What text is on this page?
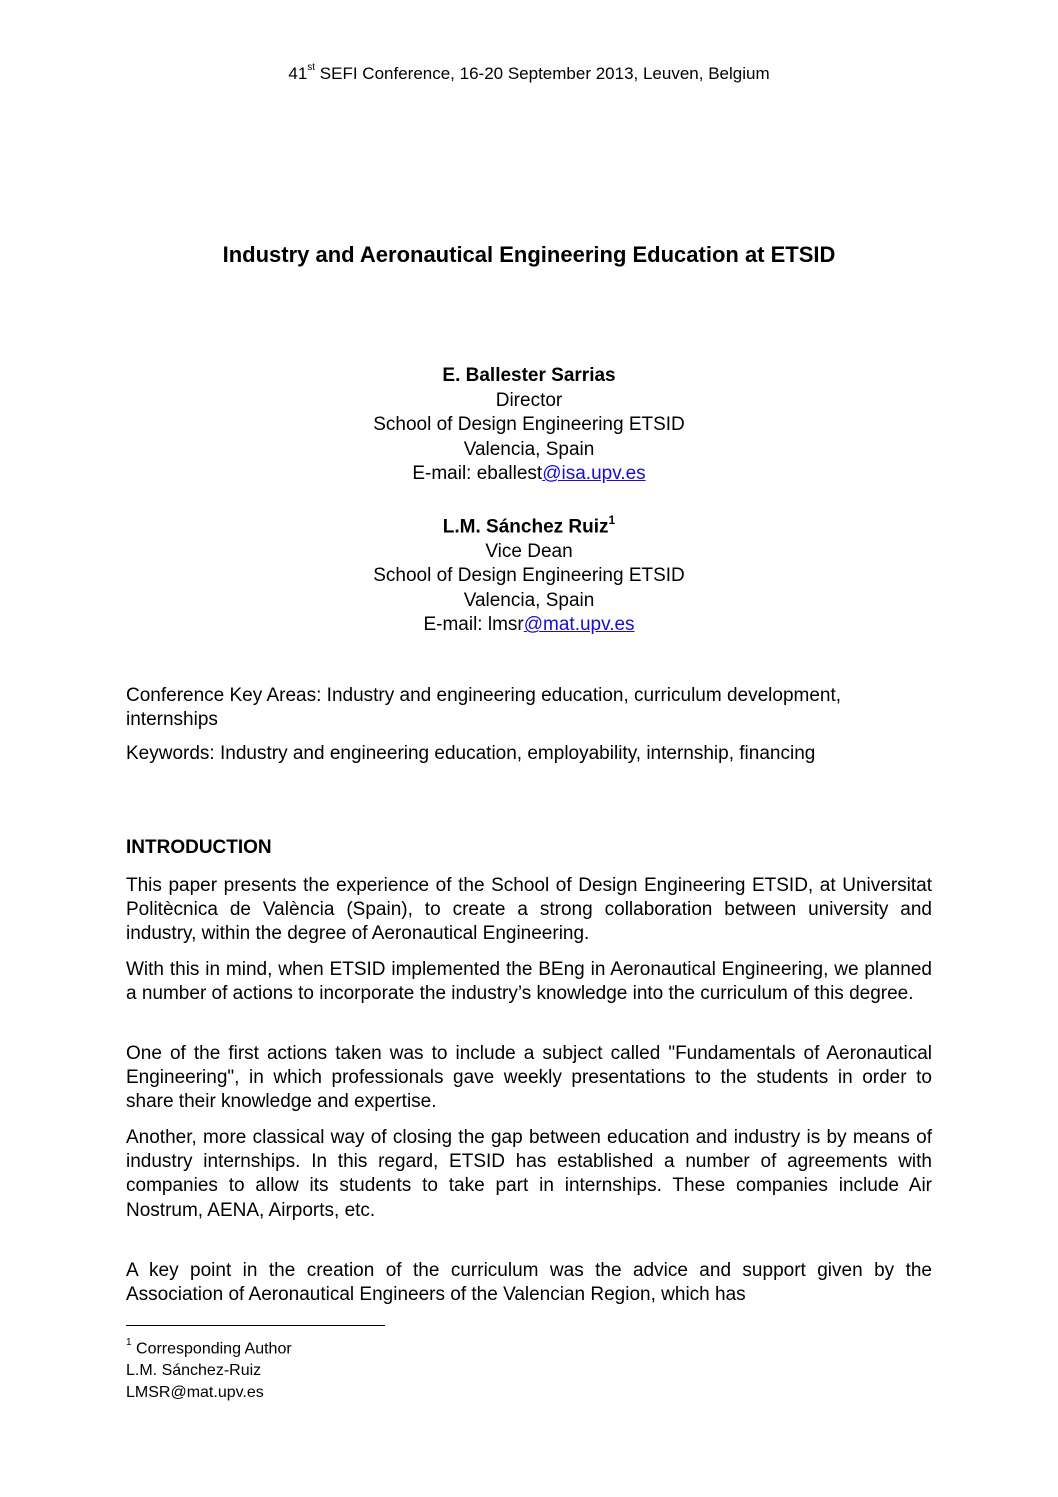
41st SEFI Conference, 16-20 September 2013, Leuven, Belgium
Industry and Aeronautical Engineering Education at ETSID
E. Ballester Sarrias
Director
School of Design Engineering ETSID
Valencia, Spain
E-mail: eballest@isa.upv.es
L.M. Sánchez Ruiz$^1$
Vice Dean
School of Design Engineering ETSID
Valencia, Spain
E-mail: lmsr@mat.upv.es

Conference Key Areas: Industry and engineering education, curriculum development, internships

Keywords: Industry and engineering education, employability, internship, financing

INTRODUCTION

This paper presents the experience of the School of Design Engineering ETSID, at Universitat Politècnica de València (Spain), to create a strong collaboration between university and industry, within the degree of Aeronautical Engineering.

With this in mind, when ETSID implemented the BEng in Aeronautical Engineering, we planned a number of actions to incorporate the industry’s knowledge into the curriculum of this degree.

One of the first actions taken was to include a subject called "Fundamentals of Aeronautical Engineering", in which professionals gave weekly presentations to the students in order to share their knowledge and expertise.

Another, more classical way of closing the gap between education and industry is by means of industry internships. In this regard, ETSID has established a number of agreements with companies to allow its students to take part in internships. These companies include Air Nostrum, AENA, Airports, etc.

A key point in the creation of the curriculum was the advice and support given by the Association of Aeronautical Engineers of the Valencian Region, which has

$^1$ Corresponding Author
L.M. Sánchez-Ruiz
LMSR@mat.upv.es
